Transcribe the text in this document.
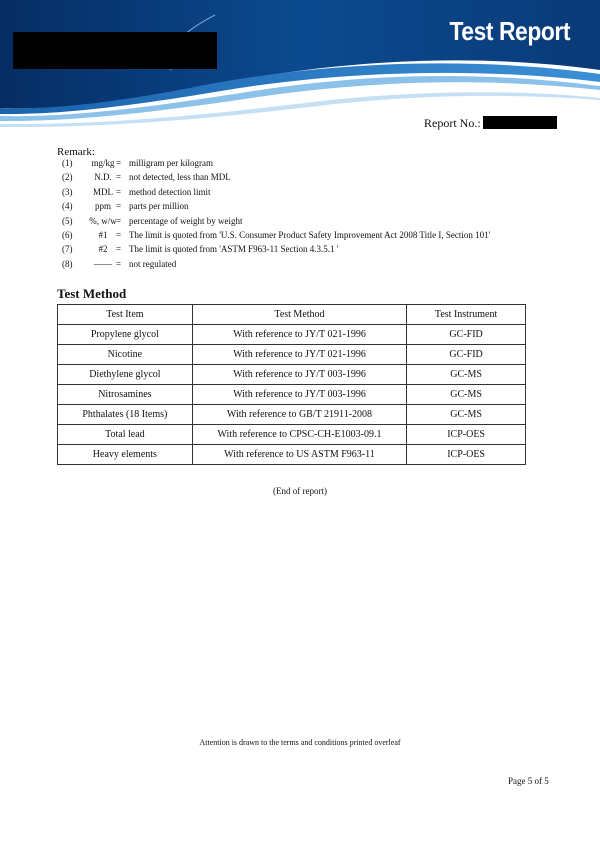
Test Report
Report No.:
Remark:
(1)	mg/kg = milligram per kilogram
(2)	N.D. = not detected, less than MDL
(3)	MDL = method detection limit
(4)	ppm = parts per million
(5)	%, w/w = percentage of weight by weight
(6)	#1 = The limit is quoted from 'U.S. Consumer Product Safety Improvement Act 2008 Title I, Section 101'
(7)	#2 = The limit is quoted from 'ASTM F963-11 Section 4.3.5.1 '
(8)	—— = not regulated
Test Method
Test Item	Test Method	Test Instrument
Propylene glycol	With reference to JY/T 021-1996	GC-FID
Nicotine	With reference to JY/T 021-1996	GC-FID
Diethylene glycol	With reference to JY/T 003-1996	GC-MS
Nitrosamines	With reference to JY/T 003-1996	GC-MS
Phthalates (18 Items)	With reference to GB/T 21911-2008	GC-MS
Total lead	With reference to CPSC-CH-E1003-09.1	ICP-OES
Heavy elements	With reference to US ASTM F963-11	ICP-OES
(End of report)
Attention is drawn to the terms and conditions printed overleaf
Page 5 of 5
